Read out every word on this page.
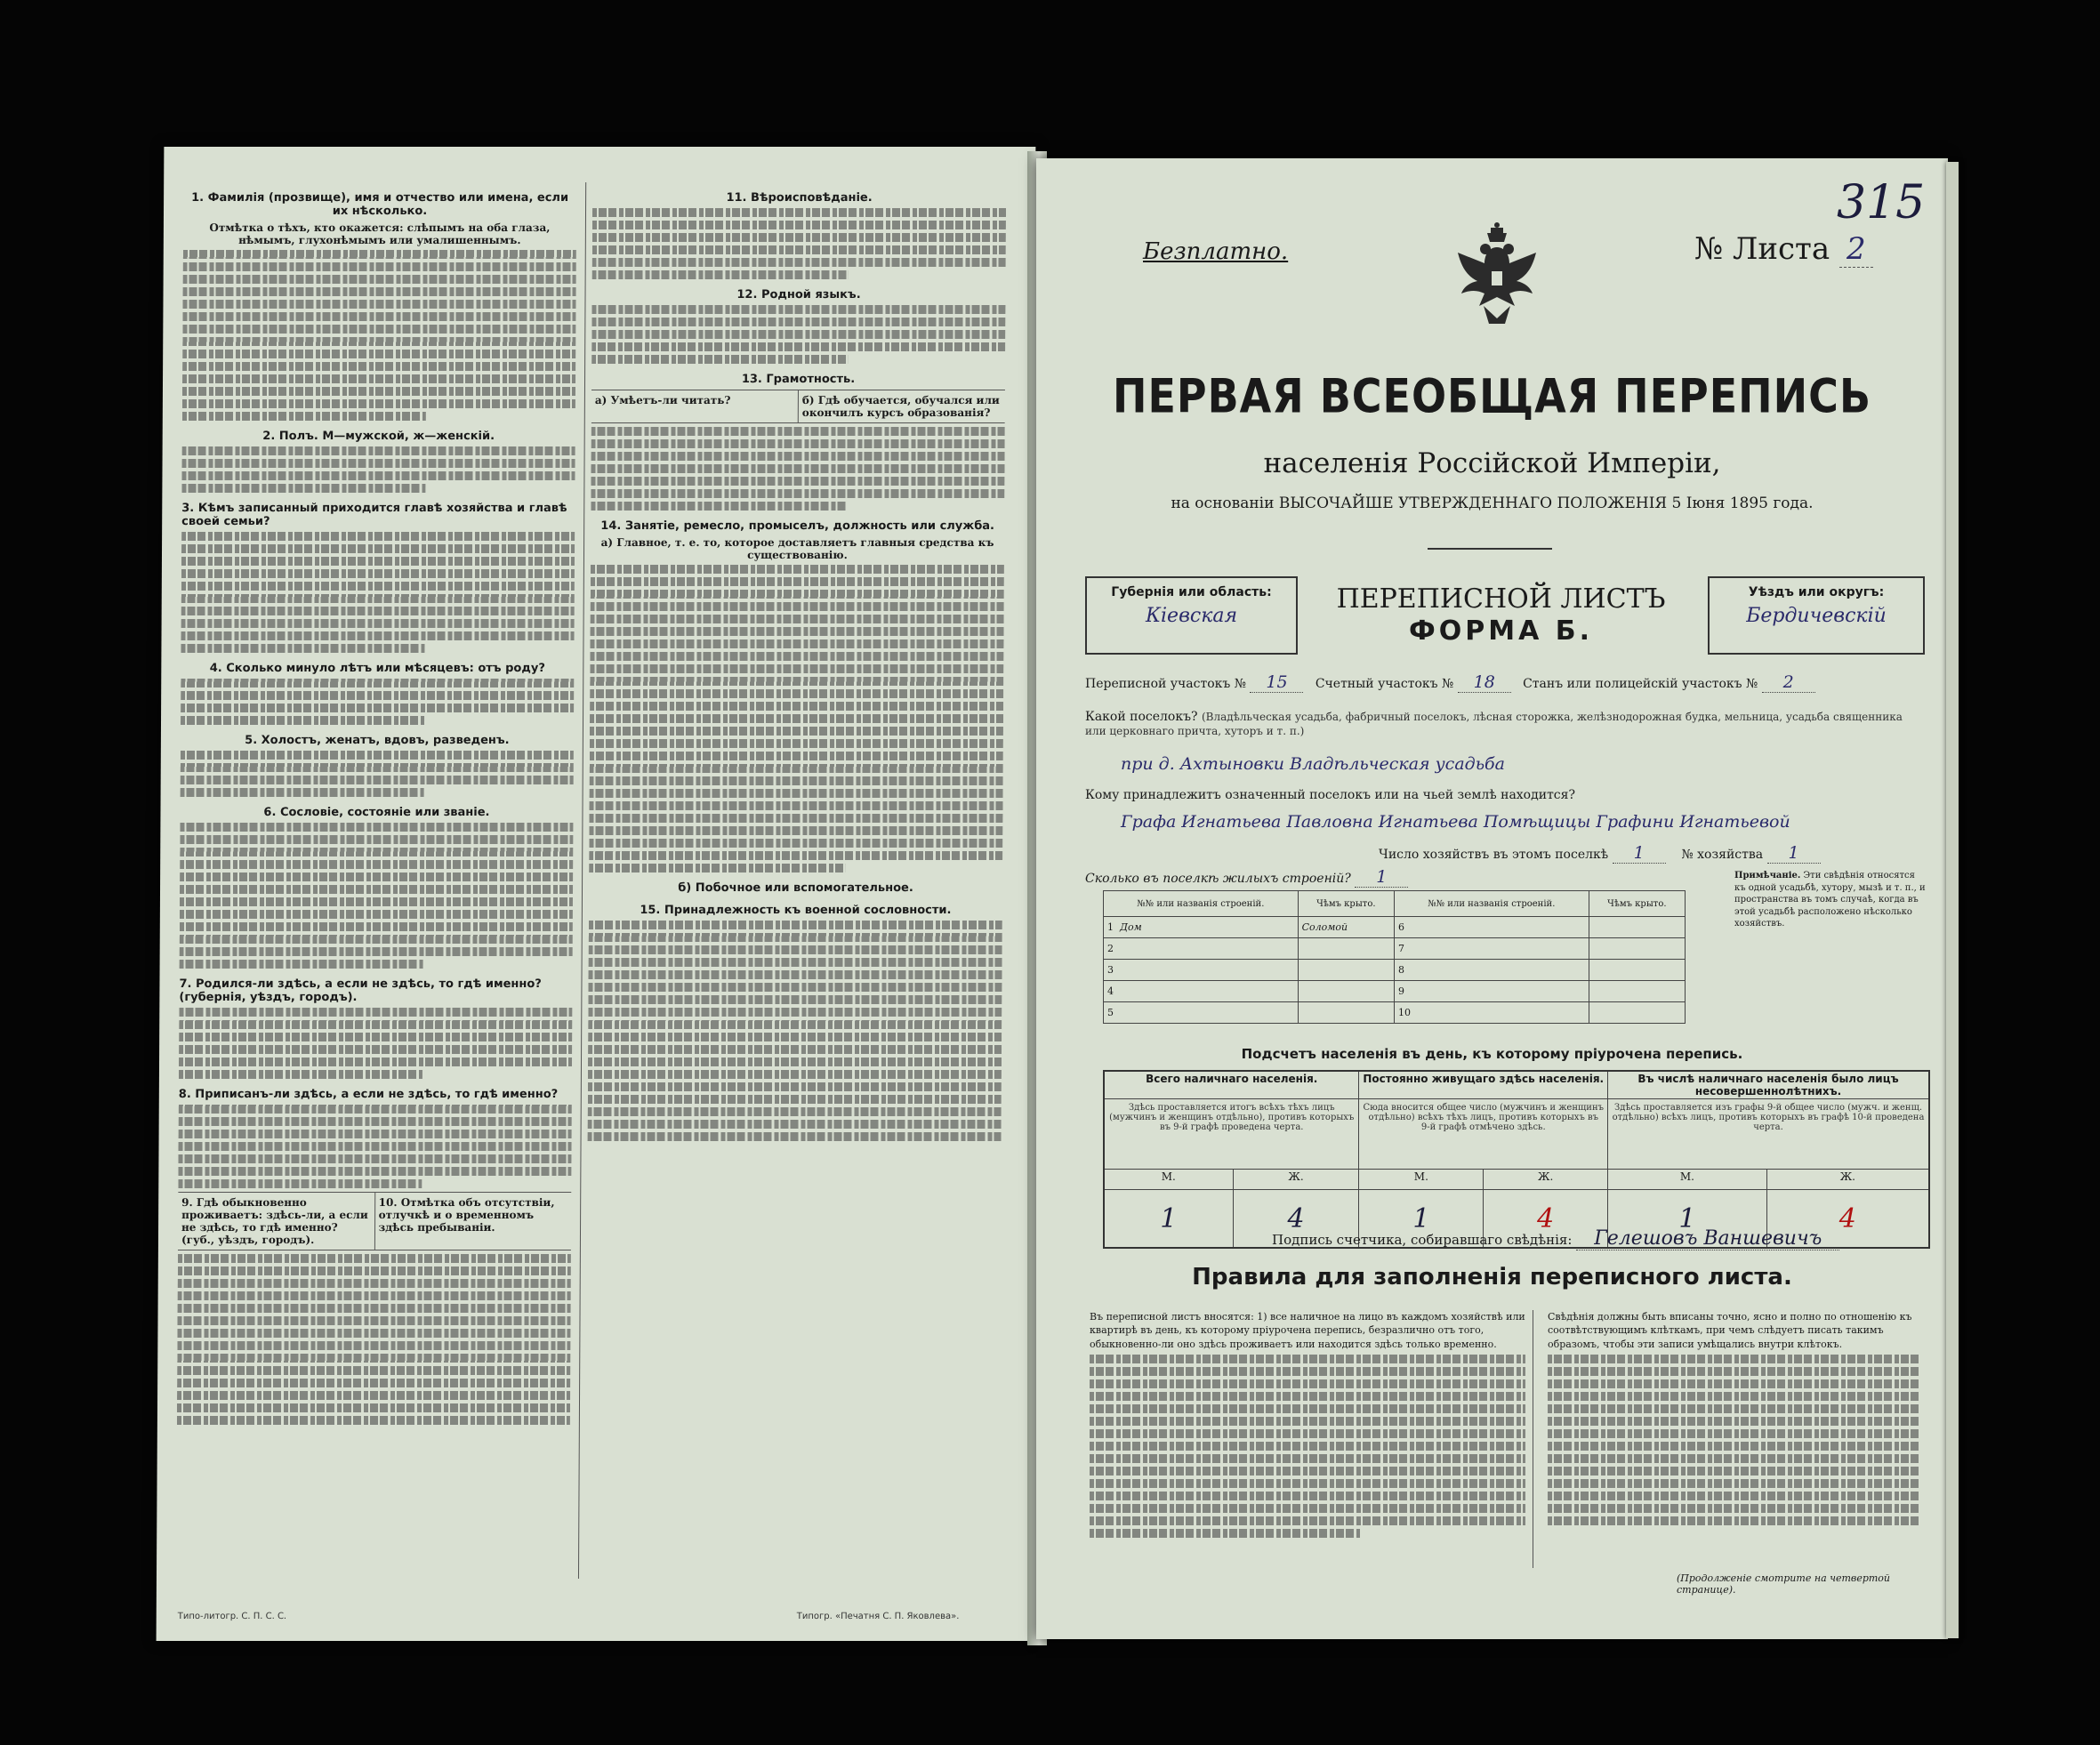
1. Фамилія (прозвище), имя и отчество или имена, если их нѣсколько.
Отмѣтка о тѣхъ, кто окажется: слѣпымъ на оба глаза, нѣмымъ, глухонѣмымъ или умалишеннымъ.
2. Полъ. М—мужской, ж—женскій.
3. Кѣмъ записанный приходится главѣ хозяйства и главѣ своей семьи?
4. Сколько минуло лѣтъ или мѣсяцевъ: отъ роду?
5. Холостъ, женатъ, вдовъ, разведенъ.
6. Сословіе, состояніе или званіе.
7. Родился-ли здѣсь, а если не здѣсь, то гдѣ именно? (губернія, уѣздъ, городъ).
8. Приписанъ-ли здѣсь, а если не здѣсь, то гдѣ именно?
9. Гдѣ обыкновенно проживаетъ: здѣсь-ли, а если не здѣсь, то гдѣ именно? (губ., уѣздъ, городъ).
10. Отмѣтка объ отсутствіи, отлучкѣ и о временномъ здѣсь пребываніи.
11. Вѣроисповѣданіе.
12. Родной языкъ.
13. Грамотность.
а) Умѣетъ-ли читать?	б) Гдѣ обучается, обучался или окончилъ курсъ образованія?
14. Занятіе, ремесло, промыселъ, должность или служба.
а) Главное, т. е. то, которое доставляетъ главныя средства къ существованію.
б) Побочное или вспомогательное.
15. Принадлежность къ военной сословности.
Типо-литогр. С. П. С. С.	Типогр. «Печатня С. П. Яковлева».
315
Безплатно.	№ Листа 2
ПЕРВАЯ ВСЕОБЩАЯ ПЕРЕПИСЬ
населенія Россійской Имперіи,
на основаніи ВЫСОЧАЙШЕ УТВЕРЖДЕННАГО ПОЛОЖЕНІЯ 5 Іюня 1895 года.
Губернія или область:
Кіевская
ПЕРЕПИСНОЙ ЛИСТЪ
ФОРМА Б.
Уѣздъ или округъ:
Бердичевскій
Переписной участокъ № 15 Счетный участокъ № 18 Станъ или полицейскій участокъ № 2
Какой поселокъ? (Владѣльческая усадьба, фабричный поселокъ, лѣсная сторожка, желѣзнодорожная будка, мельница, усадьба священника или церковнаго причта, хуторъ и т. п.)
при д. Ахтыновки Владѣльческая усадьба
Кому принадлежитъ означенный поселокъ или на чьей землѣ находится?
Графа Игнатьева Павловна Игнатьева Помѣщицы Графини Игнатьевой
Число хозяйствъ въ этомъ поселкѣ 1	№ хозяйства 1
Сколько въ поселкѣ жилыхъ строеній? 1
№№ или названія строеній.	Чѣмъ крыто.	№№ или названія строеній.	Чѣмъ крыто.
1 Дом	Соломой	6	
2		7	
3		8	
4		9	
5		10	
Примѣчаніе. Эти свѣдѣнія относятся къ одной усадьбѣ, хутору, мызѣ и т. п., и пространства въ томъ случаѣ, когда въ этой усадьбѣ расположено нѣсколько хозяйствъ.
Подсчетъ населенія въ день, къ которому пріурочена перепись.
Всего наличнаго населенія.		Постоянно живущаго здѣсь населенія.		Въ числѣ наличнаго населенія было лицъ несовершеннолѣтнихъ.	
Здѣсь проставляется итогъ всѣхъ тѣхъ лицъ (мужчинъ и женщинъ отдѣльно), противъ которыхъ въ 9-й графѣ проведена черта.		Сюда вносится общее число (мужчинъ и женщинъ отдѣльно) всѣхъ тѣхъ лицъ, противъ которыхъ въ 9-й графѣ отмѣчено здѣсь.		Здѣсь проставляется изъ графы 9-й общее число (мужч. и женщ. отдѣльно) всѣхъ лицъ, противъ которыхъ въ графѣ 10-й проведена черта.	
М.	Ж.	М.	Ж.	М.	Ж.
1	4	1	4	1	4
Подпись счетчика, собиравшаго свѣдѣнія: Гелешовъ Ваншевичъ
Правила для заполненія переписного листа.
Въ переписной листъ вносятся: 1) все наличное на лицо въ каждомъ хозяйствѣ или квартирѣ въ день, къ которому пріурочена перепись, безразлично отъ того, обыкновенно-ли оно здѣсь проживаетъ или находится здѣсь только временно.
Свѣдѣнія должны быть вписаны точно, ясно и полно по отношенію къ соотвѣтствующимъ клѣткамъ, при чемъ слѣдуетъ писать такимъ образомъ, чтобы эти записи умѣщались внутри клѣтокъ.
(Продолженіе смотрите на четвертой странице).
